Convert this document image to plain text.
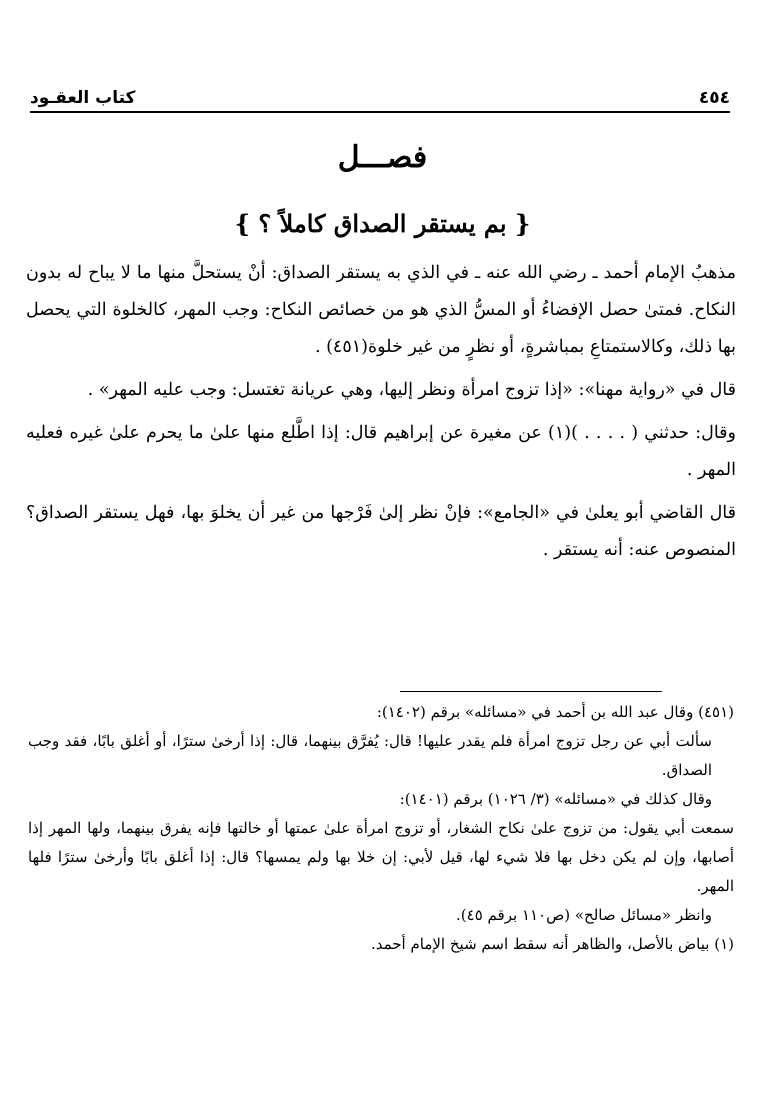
٤٥٤
كتاب العقـود
فصـــل
{ بم يستقر الصداق كاملاً ؟ }

مذهبُ الإمام أحمد ـ رضي الله عنه ـ في الذي به يستقر الصداق: أنْ يستحلَّ منها ما لا يباح له بدون النكاح. فمتىٰ حصل الإفضاءُ أو المسُّ الذي هو من خصائص النكاح: وجب المهر، كالخلوة التي يحصل بها ذلك، وكالاستمتاعِ بمباشرةٍ، أو نظرٍ من غير خلوة(٤٥١) .

قال في «رواية مهنا»: «إذا تزوج امرأة ونظر إليها، وهي عريانة تغتسل: وجب عليه المهر» .

وقال: حدثني ( . . . . )(١) عن مغيرة عن إبراهيم قال: إذا اطَّلع منها علىٰ ما يحرم علىٰ غيره فعليه المهر .

قال القاضي أبو يعلىٰ في «الجامع»: فإنْ نظر إلىٰ فَرْجها من غير أن يخلوَ بها، فهل يستقر الصداق؟ المنصوص عنه: أنه يستقر .

(٤٥١) وقال عبد الله بن أحمد في «مسائله» برقم (١٤٠٢):

سألت أبي عن رجل تزوج امرأة فلم يقدر عليها! قال: يُفرَّق بينهما، قال: إذا أرخىٰ سترًا، أو أغلق بابًا، فقد وجب الصداق.

وقال كذلك في «مسائله» (٣/ ١٠٢٦) برقم (١٤٠١):

سمعت أبي يقول: من تزوج علىٰ نكاح الشغار، أو تزوج امرأة علىٰ عمتها أو خالتها فإنه يفرق بينهما، ولها المهر إذا أصابها، وإن لم يكن دخل بها فلا شيء لها، قيل لأبي: إن خلا بها ولم يمسها؟ قال: إذا أغلق بابًا وأرخىٰ سترًا فلها المهر.

وانظر «مسائل صالح» (ص١١٠ برقم ٤٥).

(١) بياض بالأصل، والظاهر أنه سقط اسم شيخ الإمام أحمد.
